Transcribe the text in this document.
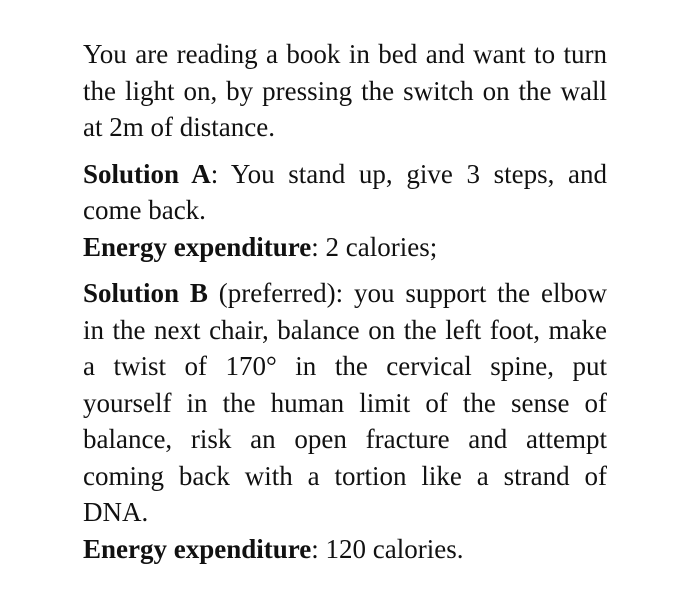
You are reading a book in bed and want to turn the light on, by pressing the switch on the wall at 2m of distance.

Solution A: You stand up, give 3 steps, and come back.

Energy expenditure: 2 calories;

Solution B (preferred): you support the elbow in the next chair, balance on the left foot, make a twist of 170° in the cervical spine, put yourself in the human limit of the sense of balance, risk an open fracture and attempt coming back with a tortion like a strand of DNA.

Energy expenditure: 120 calories.
